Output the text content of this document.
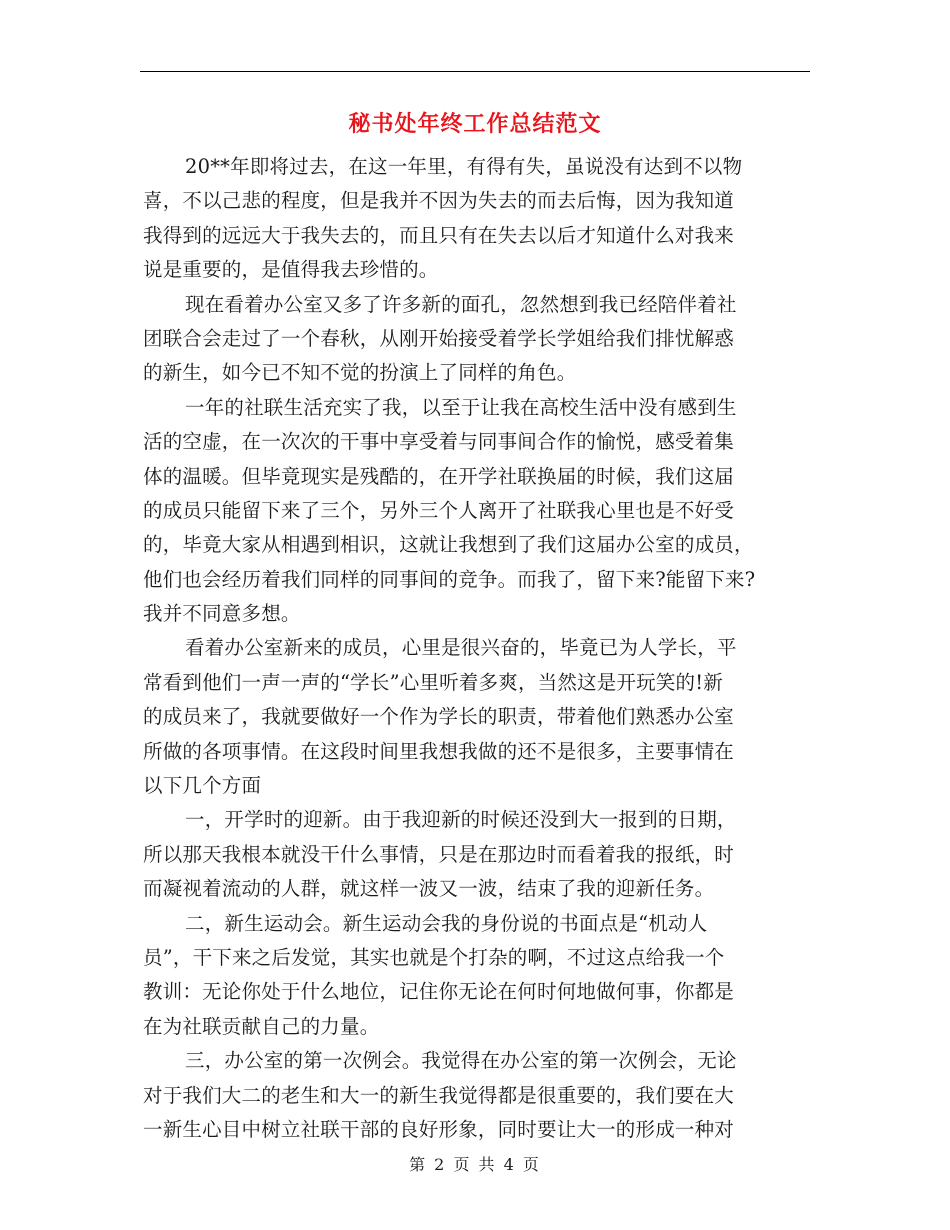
秘书处年终工作总结范文
20**年即将过去，在这一年里，有得有失，虽说没有达到不以物
喜，不以己悲的程度，但是我并不因为失去的而去后悔，因为我知道
我得到的远远大于我失去的，而且只有在失去以后才知道什么对我来
说是重要的，是值得我去珍惜的。
现在看着办公室又多了许多新的面孔，忽然想到我已经陪伴着社
团联合会走过了一个春秋，从刚开始接受着学长学姐给我们排忧解惑
的新生，如今已不知不觉的扮演上了同样的角色。
一年的社联生活充实了我，以至于让我在高校生活中没有感到生
活的空虚，在一次次的干事中享受着与同事间合作的愉悦，感受着集
体的温暖。但毕竟现实是残酷的，在开学社联换届的时候，我们这届
的成员只能留下来了三个，另外三个人离开了社联我心里也是不好受
的，毕竟大家从相遇到相识，这就让我想到了我们这届办公室的成员，
他们也会经历着我们同样的同事间的竞争。而我了，留下来?能留下来?
我并不同意多想。
看着办公室新来的成员，心里是很兴奋的，毕竟已为人学长，平
常看到他们一声一声的“学长”心里听着多爽，当然这是开玩笑的!新
的成员来了，我就要做好一个作为学长的职责，带着他们熟悉办公室
所做的各项事情。在这段时间里我想我做的还不是很多，主要事情在
以下几个方面
一，开学时的迎新。由于我迎新的时候还没到大一报到的日期，
所以那天我根本就没干什么事情，只是在那边时而看着我的报纸，时
而凝视着流动的人群，就这样一波又一波，结束了我的迎新任务。
二，新生运动会。新生运动会我的身份说的书面点是“机动人
员”，干下来之后发觉，其实也就是个打杂的啊，不过这点给我一个
教训：无论你处于什么地位，记住你无论在何时何地做何事，你都是
在为社联贡献自己的力量。
三，办公室的第一次例会。我觉得在办公室的第一次例会，无论
对于我们大二的老生和大一的新生我觉得都是很重要的，我们要在大
一新生心目中树立社联干部的良好形象，同时要让大一的形成一种对
第 2 页 共 4 页
